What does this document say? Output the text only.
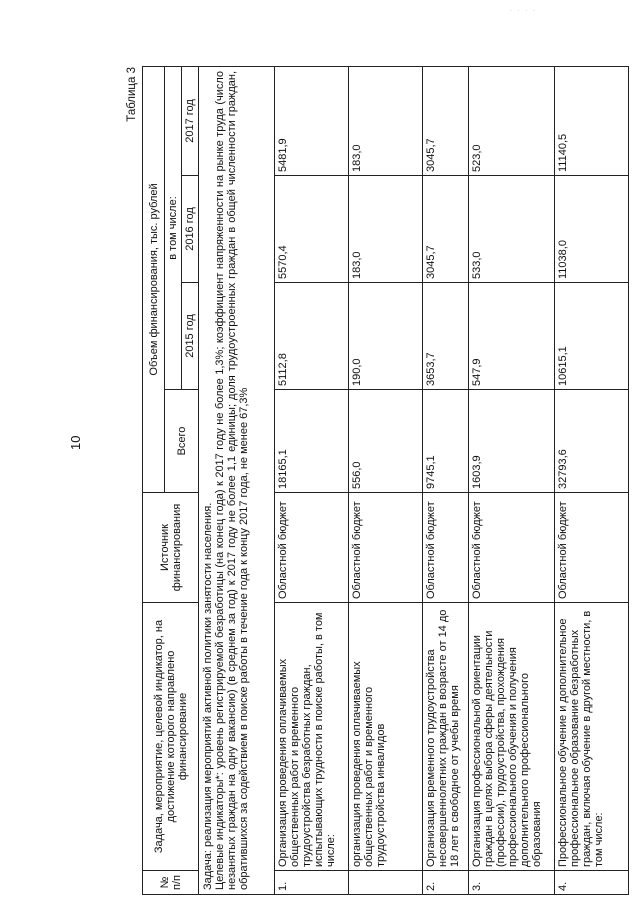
· · · ·
10
Таблица 3
№ п/п	Задача, мероприятие, целевой индикатор, на достижение которого направлено финансирование	Источник финансирования	Объем финансирования, тыс. рублей			
			Всего	в том числе:		
				2015 год	2016 год	2017 год

Задача: реализация мероприятий активной политики занятости населения. Целевые индикаторы*: уровень регистрируемой безработицы (на конец года) к 2017 году не более 1,3%; коэффициент напряженности на рынке труда (число незанятых граждан на одну вакансию) (в среднем за год) к 2017 году не более 1,1 единицы; доля трудоустроенных граждан в общей численности граждан, обратившихся за содействием в поиске работы в течение года к концу 2017 года, не менее 67,3%						

1.	Организация проведения оплачиваемых общественных работ и временного трудоустройства безработных граждан, испытывающих трудности в поиске работы, в том числе:	Областной бюджет	18165,1	5112,8	5570,4	5481,9
	организация проведения оплачиваемых общественных работ и временного трудоустройства инвалидов	Областной бюджет	556,0	190,0	183,0	183,0
2.	Организация временного трудоустройства несовершеннолетних граждан в возрасте от 14 до 18 лет в свободное от учебы время	Областной бюджет	9745,1	3653,7	3045,7	3045,7
3.	Организация профессиональной ориентации граждан в целях выбора сферы деятельности (профессии), трудоустройства, прохождения профессионального обучения и получения дополнительного профессионального образования	Областной бюджет	1603,9	547,9	533,0	523,0
4.	Профессиональное обучение и дополнительное профессиональное образование безработных граждан, включая обучение в другой местности, в том числе:	Областной бюджет	32793,6	10615,1	11038,0	11140,5
